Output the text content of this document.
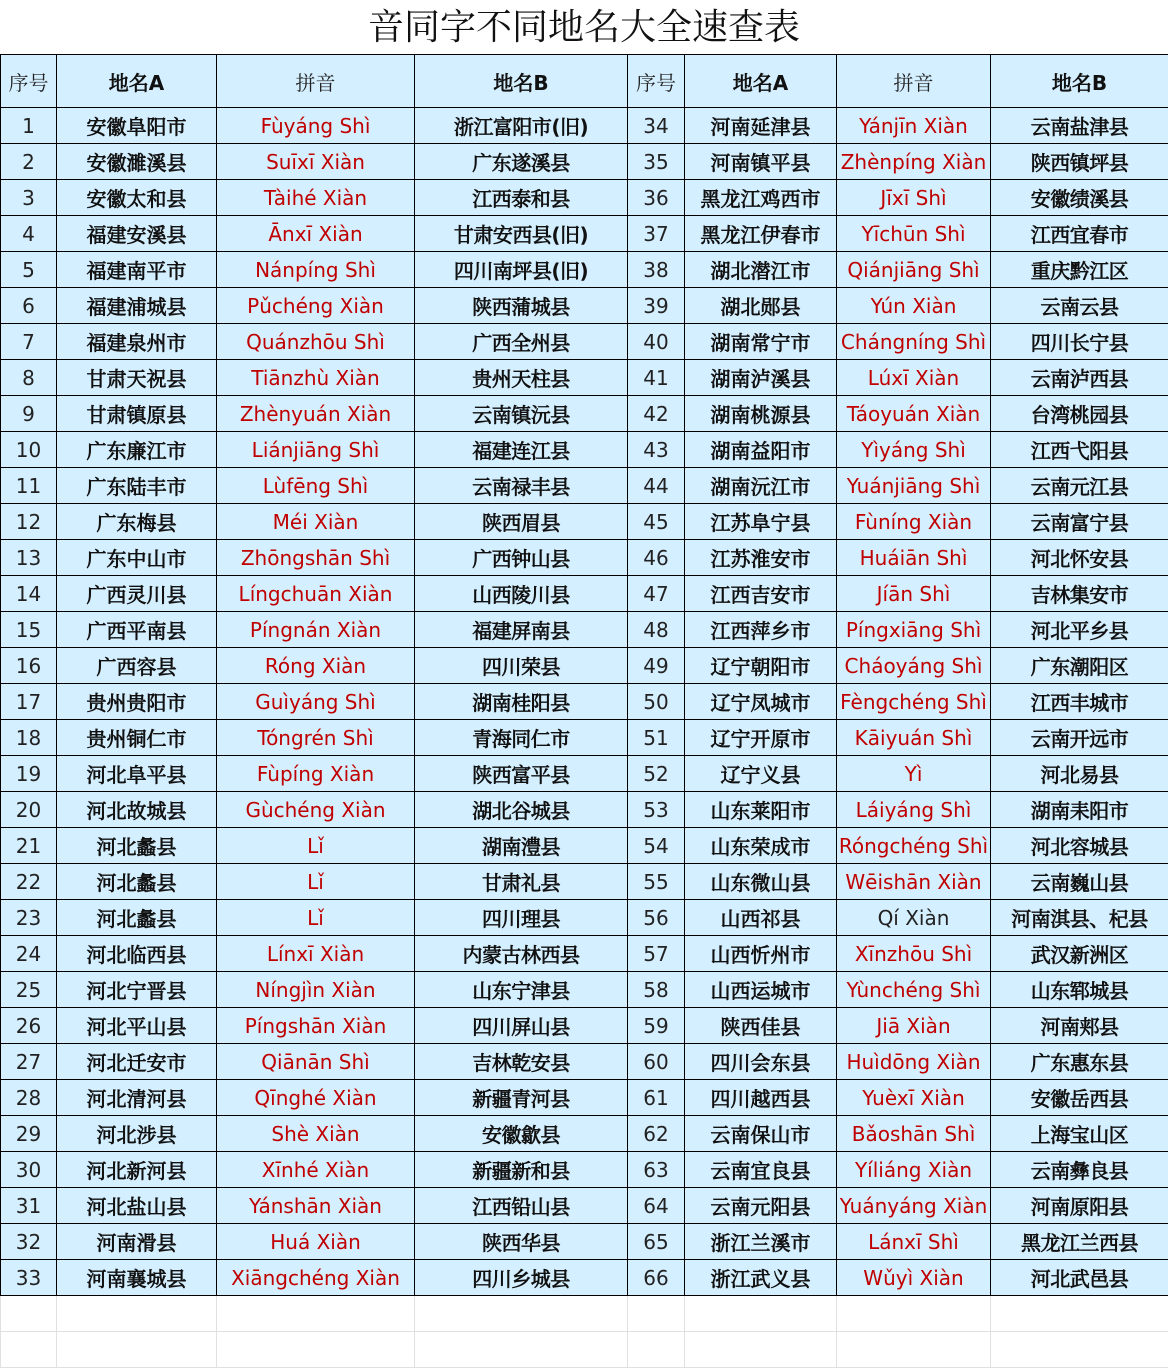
音同字不同地名大全速查表
序号	地名A	拼音	地名B	序号	地名A	拼音	地名B
1	安徽阜阳市	Fùyáng Shì	浙江富阳市(旧)	34	河南延津县	Yánjīn Xiàn	云南盐津县
2	安徽濉溪县	Suīxī Xiàn	广东遂溪县	35	河南镇平县	Zhènpíng Xiàn	陕西镇坪县
3	安徽太和县	Tàihé Xiàn	江西泰和县	36	黑龙江鸡西市	Jīxī Shì	安徽绩溪县
4	福建安溪县	Ānxī Xiàn	甘肃安西县(旧)	37	黑龙江伊春市	Yīchūn Shì	江西宜春市
5	福建南平市	Nánpíng Shì	四川南坪县(旧)	38	湖北潜江市	Qiánjiāng Shì	重庆黔江区
6	福建浦城县	Pǔchéng Xiàn	陕西蒲城县	39	湖北郧县	Yún Xiàn	云南云县
7	福建泉州市	Quánzhōu Shì	广西全州县	40	湖南常宁市	Chángníng Shì	四川长宁县
8	甘肃天祝县	Tiānzhù Xiàn	贵州天柱县	41	湖南泸溪县	Lúxī Xiàn	云南泸西县
9	甘肃镇原县	Zhènyuán Xiàn	云南镇沅县	42	湖南桃源县	Táoyuán Xiàn	台湾桃园县
10	广东廉江市	Liánjiāng Shì	福建连江县	43	湖南益阳市	Yìyáng Shì	江西弋阳县
11	广东陆丰市	Lùfēng Shì	云南禄丰县	44	湖南沅江市	Yuánjiāng Shì	云南元江县
12	广东梅县	Méi Xiàn	陕西眉县	45	江苏阜宁县	Fùníng Xiàn	云南富宁县
13	广东中山市	Zhōngshān Shì	广西钟山县	46	江苏淮安市	Huáiān Shì	河北怀安县
14	广西灵川县	Língchuān Xiàn	山西陵川县	47	江西吉安市	Jíān Shì	吉林集安市
15	广西平南县	Píngnán Xiàn	福建屏南县	48	江西萍乡市	Píngxiāng Shì	河北平乡县
16	广西容县	Róng Xiàn	四川荣县	49	辽宁朝阳市	Cháoyáng Shì	广东潮阳区
17	贵州贵阳市	Guìyáng Shì	湖南桂阳县	50	辽宁凤城市	Fèngchéng Shì	江西丰城市
18	贵州铜仁市	Tóngrén Shì	青海同仁市	51	辽宁开原市	Kāiyuán Shì	云南开远市
19	河北阜平县	Fùpíng Xiàn	陕西富平县	52	辽宁义县	Yì	河北易县
20	河北故城县	Gùchéng Xiàn	湖北谷城县	53	山东莱阳市	Láiyáng Shì	湖南耒阳市
21	河北蠡县	Lǐ	湖南澧县	54	山东荣成市	Róngchéng Shì	河北容城县
22	河北蠡县	Lǐ	甘肃礼县	55	山东微山县	Wēishān Xiàn	云南巍山县
23	河北蠡县	Lǐ	四川理县	56	山西祁县	Qí Xiàn	河南淇县、杞县
24	河北临西县	Línxī Xiàn	内蒙古林西县	57	山西忻州市	Xīnzhōu Shì	武汉新洲区
25	河北宁晋县	Níngjìn Xiàn	山东宁津县	58	山西运城市	Yùnchéng Shì	山东郓城县
26	河北平山县	Píngshān Xiàn	四川屏山县	59	陕西佳县	Jiā Xiàn	河南郏县
27	河北迁安市	Qiānān Shì	吉林乾安县	60	四川会东县	Huìdōng Xiàn	广东惠东县
28	河北清河县	Qīnghé Xiàn	新疆青河县	61	四川越西县	Yuèxī Xiàn	安徽岳西县
29	河北涉县	Shè Xiàn	安徽歙县	62	云南保山市	Bǎoshān Shì	上海宝山区
30	河北新河县	Xīnhé Xiàn	新疆新和县	63	云南宜良县	Yíliáng Xiàn	云南彝良县
31	河北盐山县	Yánshān Xiàn	江西铅山县	64	云南元阳县	Yuányáng Xiàn	河南原阳县
32	河南滑县	Huá Xiàn	陕西华县	65	浙江兰溪市	Lánxī Shì	黑龙江兰西县
33	河南襄城县	Xiāngchéng Xiàn	四川乡城县	66	浙江武义县	Wǔyì Xiàn	河北武邑县
